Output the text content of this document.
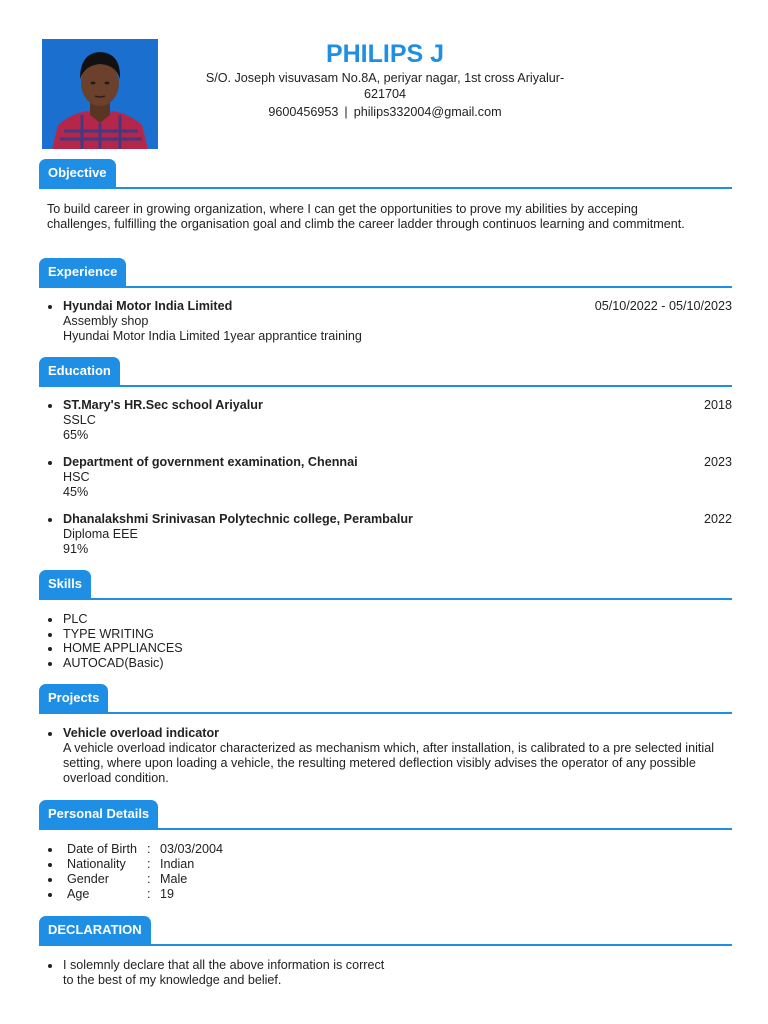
PHILIPS J
S/O. Joseph visuvasam No.8A, periyar nagar, 1st cross Ariyalur-
621704
9600456953 | philips332004@gmail.com
Objective
To build career in growing organization, where I can get the opportunities to prove my abilities by acceping challenges, fulfilling the organisation goal and climb the career ladder through continuos learning and commitment.
Experience
Hyundai Motor India Limited	05/10/2022 - 05/10/2023
Assembly shop
Hyundai Motor India Limited 1year apprantice training
Education
ST.Mary's HR.Sec school Ariyalur	2018
SSLC
65%
Department of government examination, Chennai	2023
HSC
45%
Dhanalakshmi Srinivasan Polytechnic college, Perambalur	2022
Diploma EEE
91%
Skills
PLC
TYPE WRITING
HOME APPLIANCES
AUTOCAD(Basic)
Projects
Vehicle overload indicator
A vehicle overload indicator characterized as mechanism which, after installation, is calibrated to a pre selected initial setting, where upon loading a vehicle, the resulting metered deflection visibly advises the operator of any possible overload condition.
Personal Details
Date of Birth : 03/03/2004
Nationality : Indian
Gender	: Male
Age	: 19
DECLARATION
I solemnly declare that all the above information is correct
to the best of my knowledge and belief.
